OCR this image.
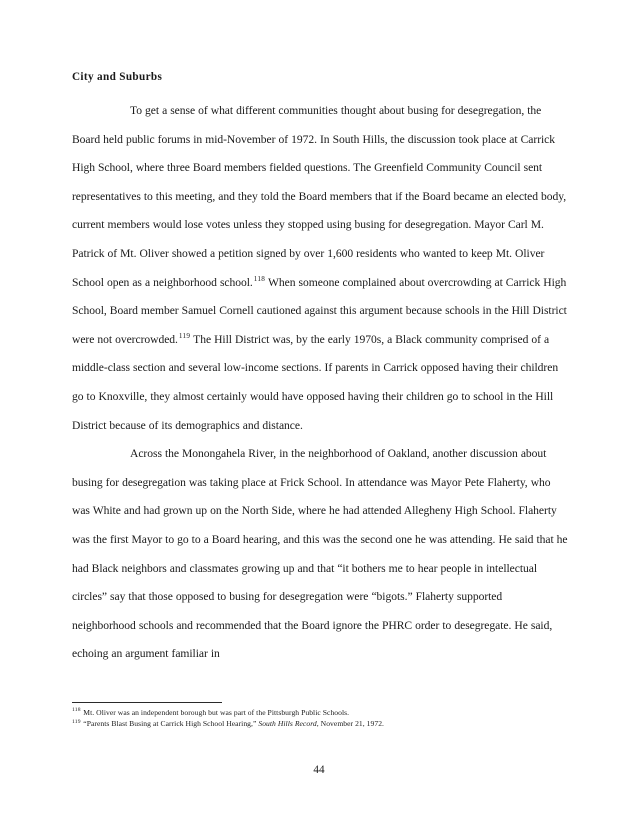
City and Suburbs

To get a sense of what different communities thought about busing for desegregation, the Board held public forums in mid-November of 1972. In South Hills, the discussion took place at Carrick High School, where three Board members fielded questions. The Greenfield Community Council sent representatives to this meeting, and they told the Board members that if the Board became an elected body, current members would lose votes unless they stopped using busing for desegregation. Mayor Carl M. Patrick of Mt. Oliver showed a petition signed by over 1,600 residents who wanted to keep Mt. Oliver School open as a neighborhood school.$^{118}$ When someone complained about overcrowding at Carrick High School, Board member Samuel Cornell cautioned against this argument because schools in the Hill District were not overcrowded.$^{119}$ The Hill District was, by the early 1970s, a Black community comprised of a middle-class section and several low-income sections. If parents in Carrick opposed having their children go to Knoxville, they almost certainly would have opposed having their children go to school in the Hill District because of its demographics and distance.

Across the Monongahela River, in the neighborhood of Oakland, another discussion about busing for desegregation was taking place at Frick School. In attendance was Mayor Pete Flaherty, who was White and had grown up on the North Side, where he had attended Allegheny High School. Flaherty was the first Mayor to go to a Board hearing, and this was the second one he was attending. He said that he had Black neighbors and classmates growing up and that “it bothers me to hear people in intellectual circles” say that those opposed to busing for desegregation were “bigots.” Flaherty supported neighborhood schools and recommended that the Board ignore the PHRC order to desegregate. He said, echoing an argument familiar in

$^{118}$ Mt. Oliver was an independent borough but was part of the Pittsburgh Public Schools.

$^{119}$ “Parents Blast Busing at Carrick High School Hearing,” South Hills Record, November 21, 1972.

44
